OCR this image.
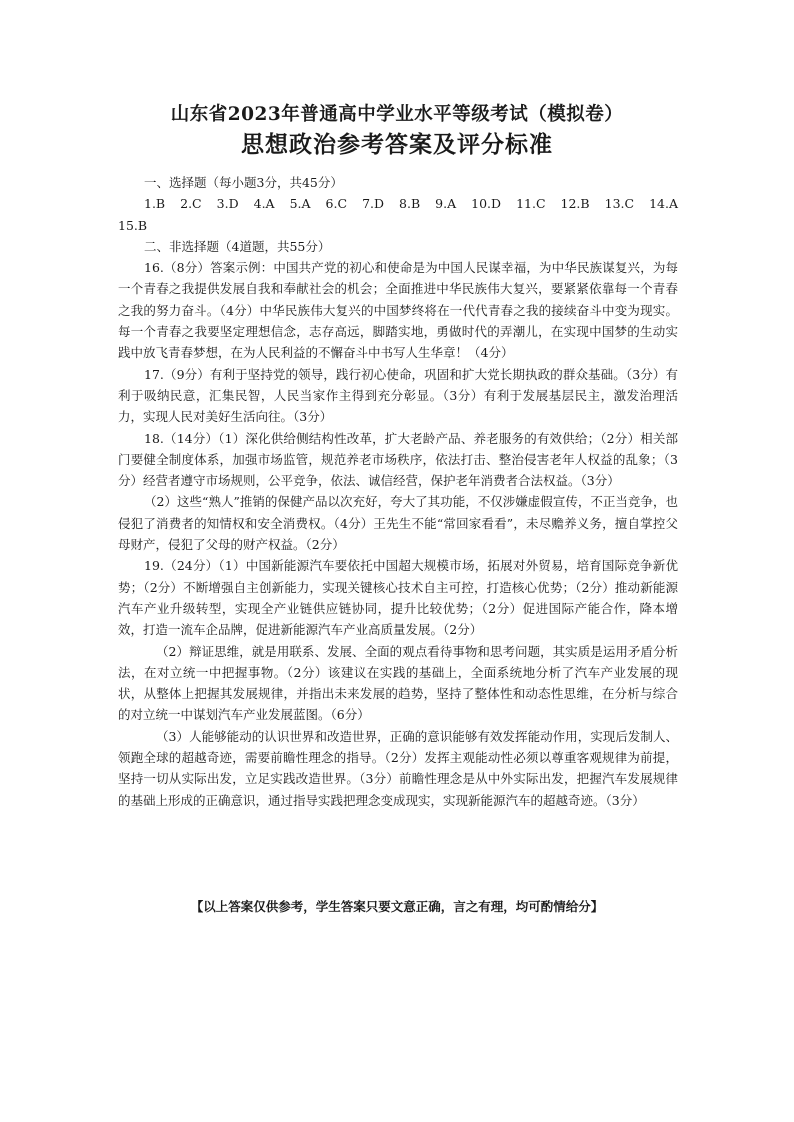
山东省2023年普通高中学业水平等级考试（模拟卷）
思想政治参考答案及评分标准

一、选择题（每小题3分，共45分）

1.B　2.C　3.D　4.A　5.A　6.C　7.D　8.B　9.A　10.D　11.C　12.B　13.C　14.A　15.B

二、非选择题（4道题，共55分）

16.（8分）答案示例：中国共产党的初心和使命是为中国人民谋幸福，为中华民族谋复兴，为每一个青春之我提供发展自我和奉献社会的机会；全面推进中华民族伟大复兴，要紧紧依靠每一个青春之我的努力奋斗。（4分）中华民族伟大复兴的中国梦终将在一代代青春之我的接续奋斗中变为现实。每一个青春之我要坚定理想信念，志存高远，脚踏实地，勇做时代的弄潮儿，在实现中国梦的生动实践中放飞青春梦想，在为人民利益的不懈奋斗中书写人生华章！（4分）

17.（9分）有利于坚持党的领导，践行初心使命，巩固和扩大党长期执政的群众基础。（3分）有利于吸纳民意，汇集民智，人民当家作主得到充分彰显。（3分）有利于发展基层民主，激发治理活力，实现人民对美好生活向往。（3分）

18.（14分）（1）深化供给侧结构性改革，扩大老龄产品、养老服务的有效供给；（2分）相关部门要健全制度体系，加强市场监管，规范养老市场秩序，依法打击、整治侵害老年人权益的乱象；（3分）经营者遵守市场规则，公平竞争，依法、诚信经营，保护老年消费者合法权益。（3分）

（2）这些“熟人”推销的保健产品以次充好，夸大了其功能，不仅涉嫌虚假宣传，不正当竞争，也侵犯了消费者的知情权和安全消费权。（4分）王先生不能“常回家看看”，未尽赡养义务，擅自掌控父母财产，侵犯了父母的财产权益。（2分）

19.（24分）（1）中国新能源汽车要依托中国超大规模市场，拓展对外贸易，培育国际竞争新优势；（2分）不断增强自主创新能力，实现关键核心技术自主可控，打造核心优势；（2分）推动新能源汽车产业升级转型，实现全产业链供应链协同，提升比较优势；（2分）促进国际产能合作，降本增效，打造一流车企品牌，促进新能源汽车产业高质量发展。（2分）

（2）辩证思维，就是用联系、发展、全面的观点看待事物和思考问题，其实质是运用矛盾分析法，在对立统一中把握事物。（2分）该建议在实践的基础上，全面系统地分析了汽车产业发展的现状，从整体上把握其发展规律，并指出未来发展的趋势，坚持了整体性和动态性思维，在分析与综合的对立统一中谋划汽车产业发展蓝图。（6分）

（3）人能够能动的认识世界和改造世界，正确的意识能够有效发挥能动作用，实现后发制人、领跑全球的超越奇迹，需要前瞻性理念的指导。（2分）发挥主观能动性必须以尊重客观规律为前提，坚持一切从实际出发，立足实践改造世界。（3分）前瞻性理念是从中外实际出发，把握汽车发展规律的基础上形成的正确意识，通过指导实践把理念变成现实，实现新能源汽车的超越奇迹。（3分）

【以上答案仅供参考，学生答案只要文意正确，言之有理，均可酌情给分】
